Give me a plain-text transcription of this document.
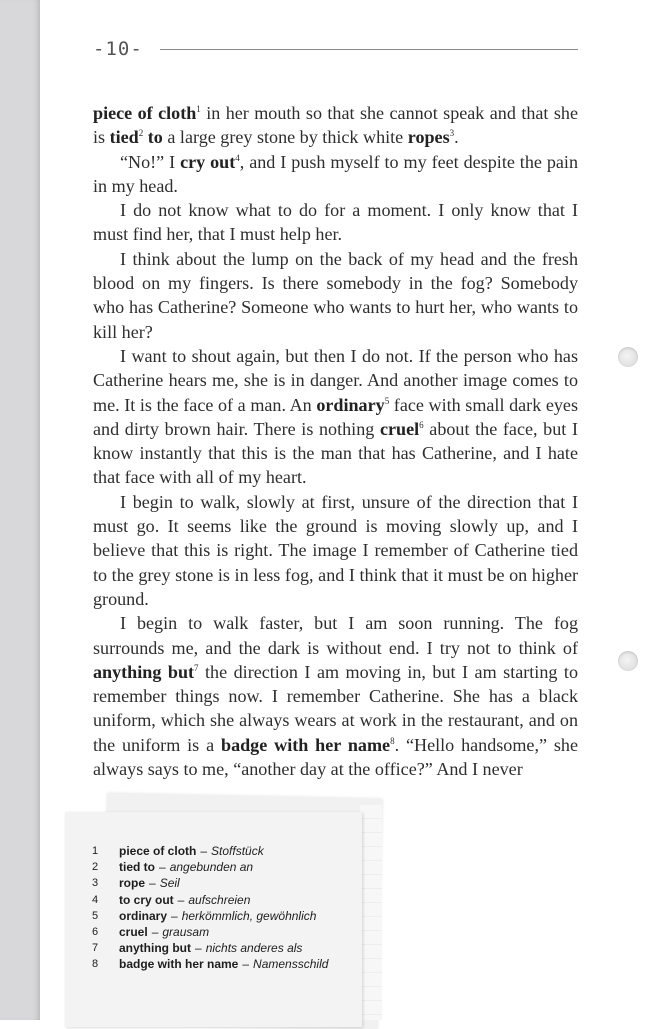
-10-

piece of cloth$^1$ in her mouth so that she cannot speak and that she is tied$^2$ to a large grey stone by thick white ropes$^3$.

“No!” I cry out$^4$, and I push myself to my feet despite the pain in my head.

I do not know what to do for a moment. I only know that I must find her, that I must help her.

I think about the lump on the back of my head and the fresh blood on my fingers. Is there somebody in the fog? Somebody who has Catherine? Someone who wants to hurt her, who wants to kill her?

I want to shout again, but then I do not. If the person who has Catherine hears me, she is in danger. And another image comes to me. It is the face of a man. An ordinary$^5$ face with small dark eyes and dirty brown hair. There is nothing cruel$^6$ about the face, but I know instantly that this is the man that has Catherine, and I hate that face with all of my heart.

I begin to walk, slowly at first, unsure of the direction that I must go. It seems like the ground is moving slowly up, and I believe that this is right. The image I remember of Catherine tied to the grey stone is in less fog, and I think that it must be on higher ground.

I begin to walk faster, but I am soon running. The fog surrounds me, and the dark is without end. I try not to think of anything but$^7$ the direction I am moving in, but I am starting to remember things now. I remember Catherine. She has a black uniform, which she always wears at work in the restaurant, and on the uniform is a badge with her name$^8$. “Hello handsome,” she always says to me, “another day at the office?” And I never

1	piece of cloth – Stoffstück
2	tied to – angebunden an
3	rope – Seil
4	to cry out – aufschreien
5	ordinary – herkömmlich, gewöhnlich
6	cruel – grausam
7	anything but – nichts anderes als
8	badge with her name – Namensschild
